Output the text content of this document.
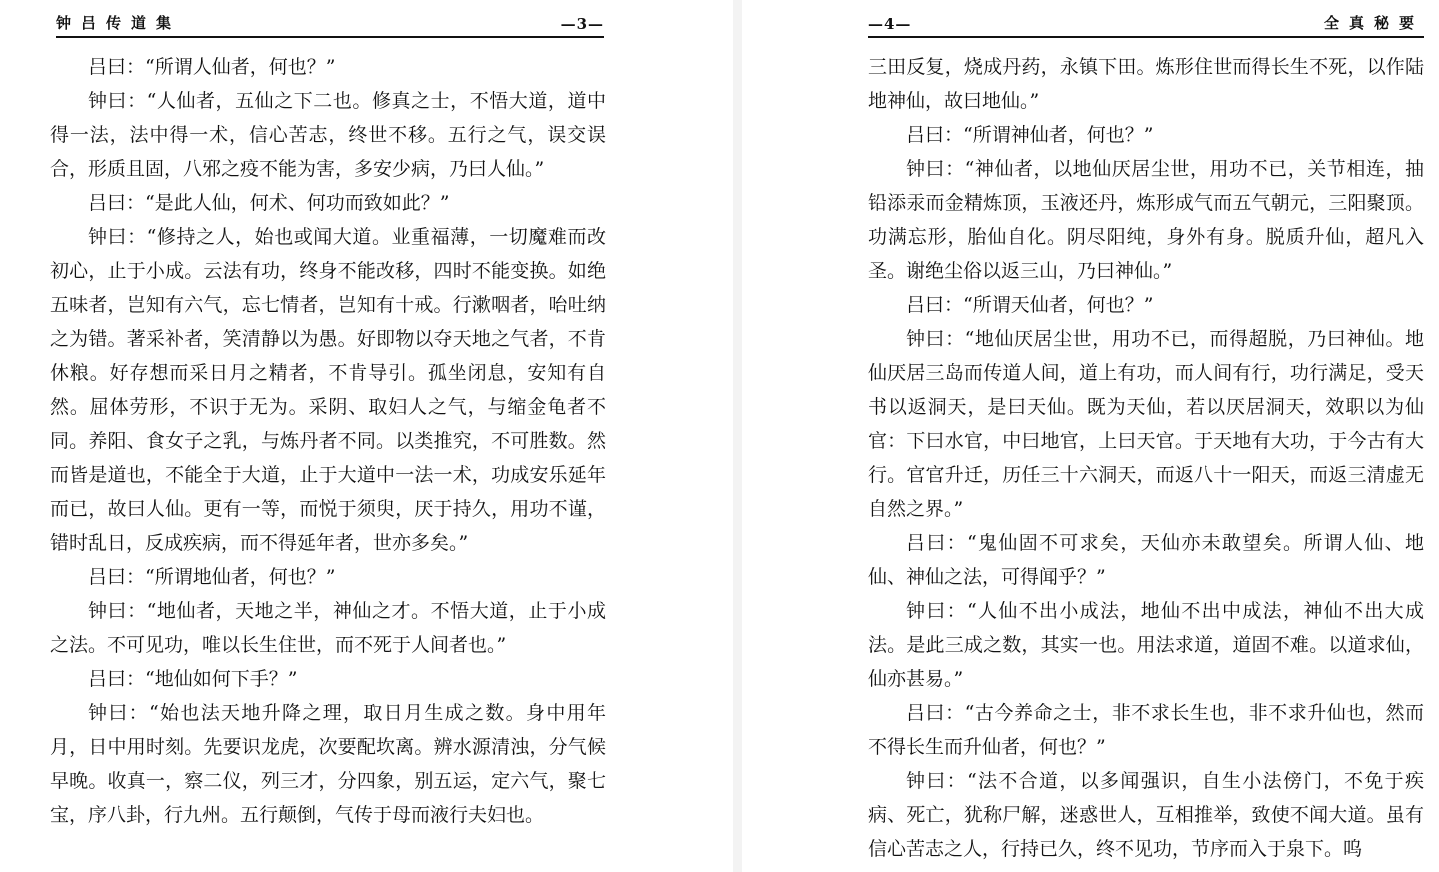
钟吕传道集	—3—

吕曰：“所谓人仙者，何也？”

钟曰：“人仙者，五仙之下二也。修真之士，不悟大道，道中得一法，法中得一术，信心苦志，终世不移。五行之气，误交误合，形质且固，八邪之疫不能为害，多安少病，乃曰人仙。”

吕曰：“是此人仙，何术、何功而致如此？”

钟曰：“修持之人，始也或闻大道。业重福薄，一切魔难而改初心，止于小成。云法有功，终身不能改移，四时不能变换。如绝五味者，岂知有六气，忘七情者，岂知有十戒。行漱咽者，咍吐纳之为错。著采补者，笑清静以为愚。好即物以夺天地之气者，不肯休粮。好存想而采日月之精者，不肯导引。孤坐闭息，安知有自然。屈体劳形，不识于无为。采阴、取妇人之气，与缩金龟者不同。养阳、食女子之乳，与炼丹者不同。以类推究，不可胜数。然而皆是道也，不能全于大道，止于大道中一法一术，功成安乐延年而已，故曰人仙。更有一等，而悦于须臾，厌于持久，用功不谨，错时乱日，反成疾病，而不得延年者，世亦多矣。”

吕曰：“所谓地仙者，何也？”

钟曰：“地仙者，天地之半，神仙之才。不悟大道，止于小成之法。不可见功，唯以长生住世，而不死于人间者也。”

吕曰：“地仙如何下手？”

钟曰：“始也法天地升降之理，取日月生成之数。身中用年月，日中用时刻。先要识龙虎，次要配坎离。辨水源清浊，分气候早晚。收真一，察二仪，列三才，分四象，别五运，定六气，聚七宝，序八卦，行九州。五行颠倒，气传于母而液行夫妇也。

—4—	全真秘要

三田反复，烧成丹药，永镇下田。炼形住世而得长生不死，以作陆地神仙，故曰地仙。”

吕曰：“所谓神仙者，何也？”

钟曰：“神仙者，以地仙厌居尘世，用功不已，关节相连，抽铅添汞而金精炼顶，玉液还丹，炼形成气而五气朝元，三阳聚顶。功满忘形，胎仙自化。阴尽阳纯，身外有身。脱质升仙，超凡入圣。谢绝尘俗以返三山，乃曰神仙。”

吕曰：“所谓天仙者，何也？”

钟曰：“地仙厌居尘世，用功不已，而得超脱，乃曰神仙。地仙厌居三岛而传道人间，道上有功，而人间有行，功行满足，受天书以返洞天，是曰天仙。既为天仙，若以厌居洞天，效职以为仙官：下曰水官，中曰地官，上曰天官。于天地有大功，于今古有大行。官官升迁，历任三十六洞天，而返八十一阳天，而返三清虚无自然之界。”

吕曰：“鬼仙固不可求矣，天仙亦未敢望矣。所谓人仙、地仙、神仙之法，可得闻乎？”

钟曰：“人仙不出小成法，地仙不出中成法，神仙不出大成法。是此三成之数，其实一也。用法求道，道固不难。以道求仙，仙亦甚易。”

吕曰：“古今养命之士，非不求长生也，非不求升仙也，然而不得长生而升仙者，何也？”

钟曰：“法不合道，以多闻强识，自生小法傍门，不免于疾病、死亡，犹称尸解，迷惑世人，互相推举，致使不闻大道。虽有信心苦志之人，行持已久，终不见功，节序而入于泉下。呜
